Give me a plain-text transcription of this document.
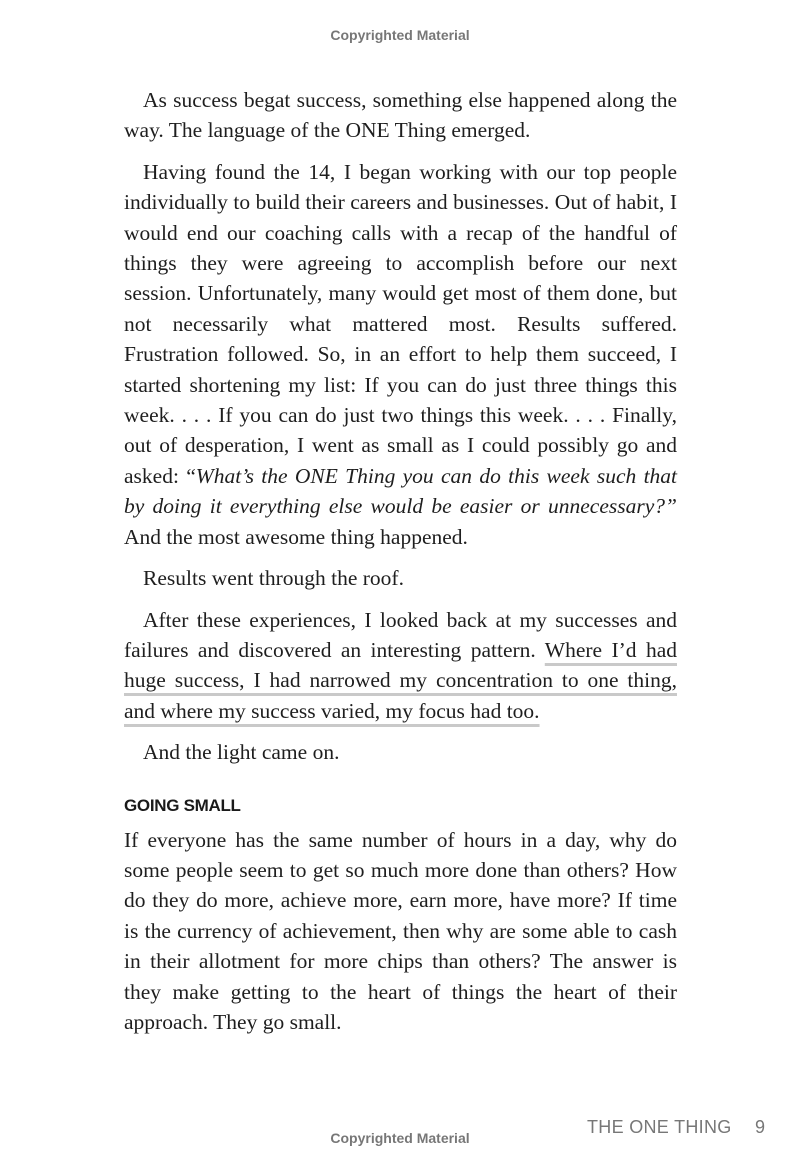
Copyrighted Material

As success begat success, something else happened along the way. The language of the ONE Thing emerged.

Having found the 14, I began working with our top people individually to build their careers and businesses. Out of habit, I would end our coaching calls with a recap of the handful of things they were agreeing to accomplish before our next session. Unfortunately, many would get most of them done, but not necessarily what mattered most. Results suffered. Frustration followed. So, in an effort to help them succeed, I started shortening my list: If you can do just three things this week. . . . If you can do just two things this week. . . . Finally, out of desperation, I went as small as I could possibly go and asked: “What’s the ONE Thing you can do this week such that by doing it everything else would be easier or unnecessary?” And the most awesome thing happened.

Results went through the roof.

After these experiences, I looked back at my successes and failures and discovered an interesting pattern. Where I’d had huge success, I had narrowed my concentration to one thing, and where my success varied, my focus had too.

And the light came on.

GOING SMALL

If everyone has the same number of hours in a day, why do some people seem to get so much more done than others? How do they do more, achieve more, earn more, have more? If time is the currency of achievement, then why are some able to cash in their allotment for more chips than others? The answer is they make getting to the heart of things the heart of their approach. They go small.

THE ONE THING 9

Copyrighted Material
